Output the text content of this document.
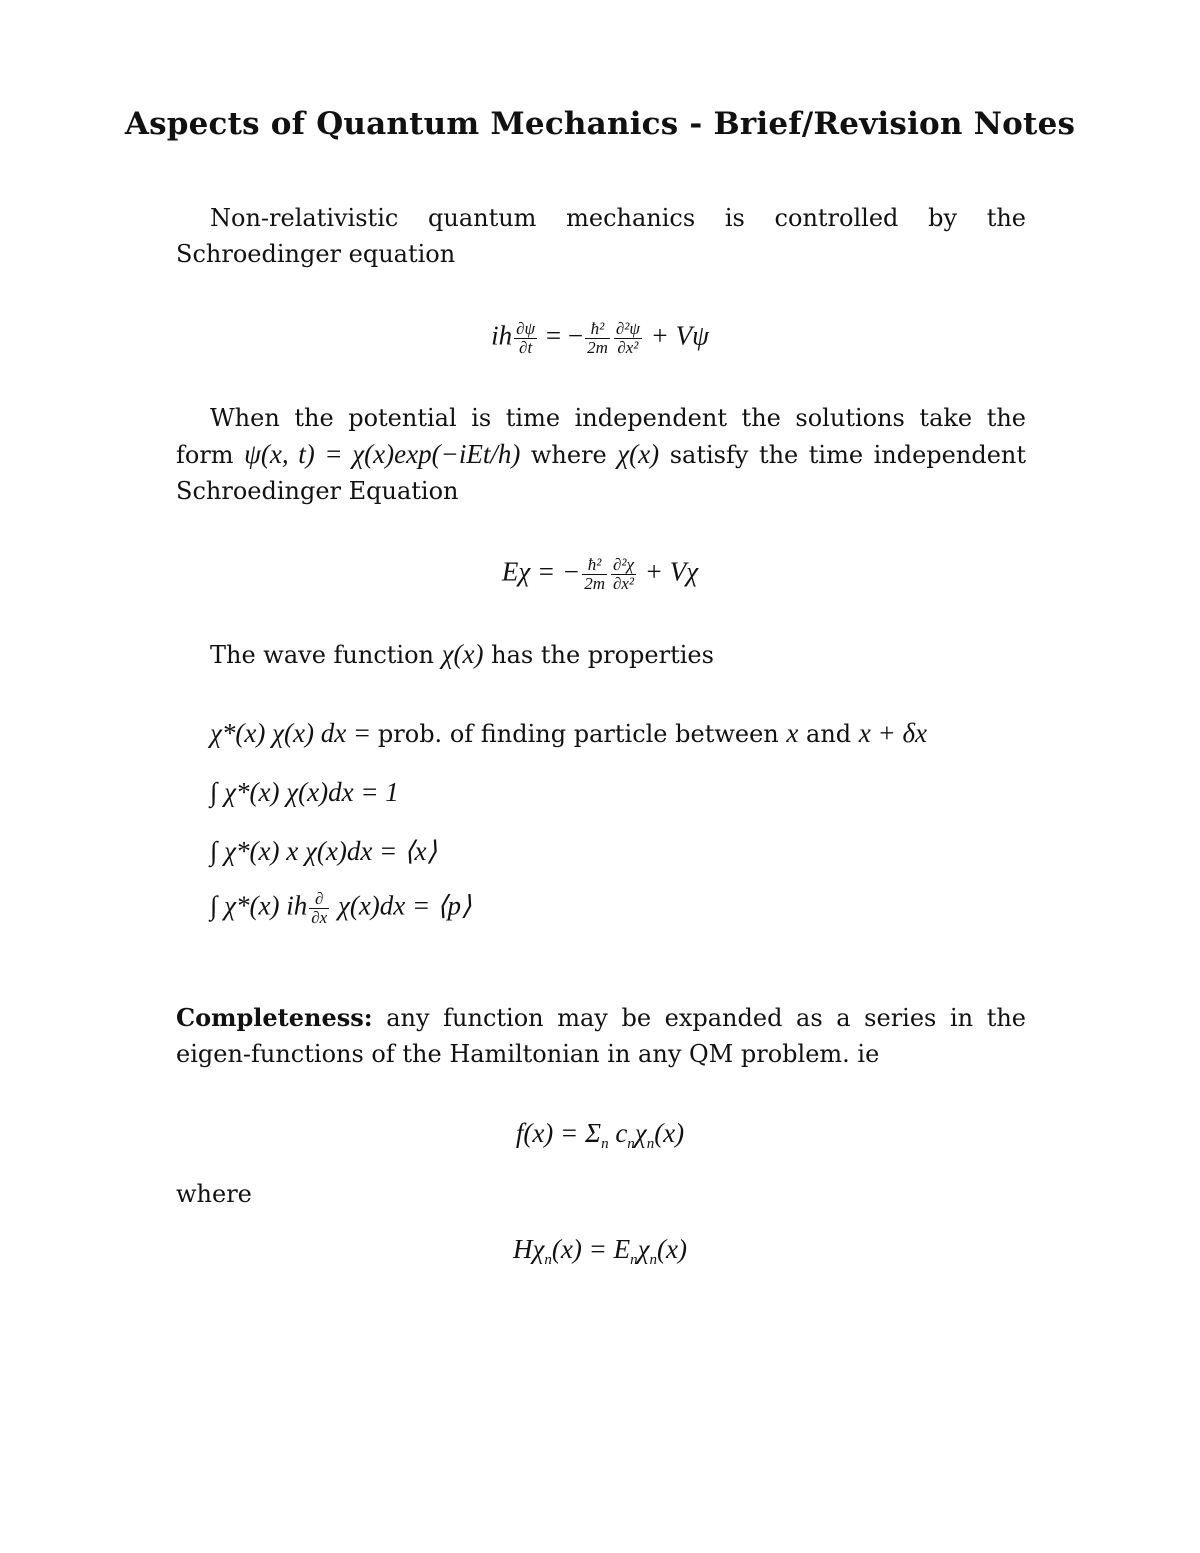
Aspects of Quantum Mechanics - Brief/Revision Notes
Non-relativistic quantum mechanics is controlled by the Schroedinger equation
ih $\frac{\partial\psi}{\partial t}$ = − $\frac{\text{ħ²}}{2m} \frac{\text{∂²ψ}}{\text{∂x²}} + V\psi$
When the potential is time independent the solutions take the form ψ(x, t) = χ(x)exp(−iEt/h) where χ(x) satisfy the time independent Schroedinger Equation
Eχ = − $\frac{\text{ħ²}}{2m} \frac{\text{∂²χ}}{\text{∂x²}} + V\chi$
The wave function χ(x) has the properties
χ*(x) χ(x) dx = prob. of finding particle between x and x + δx
∫ χ*(x) χ(x)dx = 1
∫ χ*(x) x χ(x)dx = ⟨x⟩
∫ χ*(x) ih $\frac{\partial}{\partial x} \chi(x)dx$ = ⟨p⟩
Completeness: any function may be expanded as a series in the eigen-functions of the Hamiltonian in any QM problem. ie
$f(x) = \Sigma_n$ $c_n\chi_n(x)$
where
$H\chi_n(x) = E_n\chi_n(x)$
